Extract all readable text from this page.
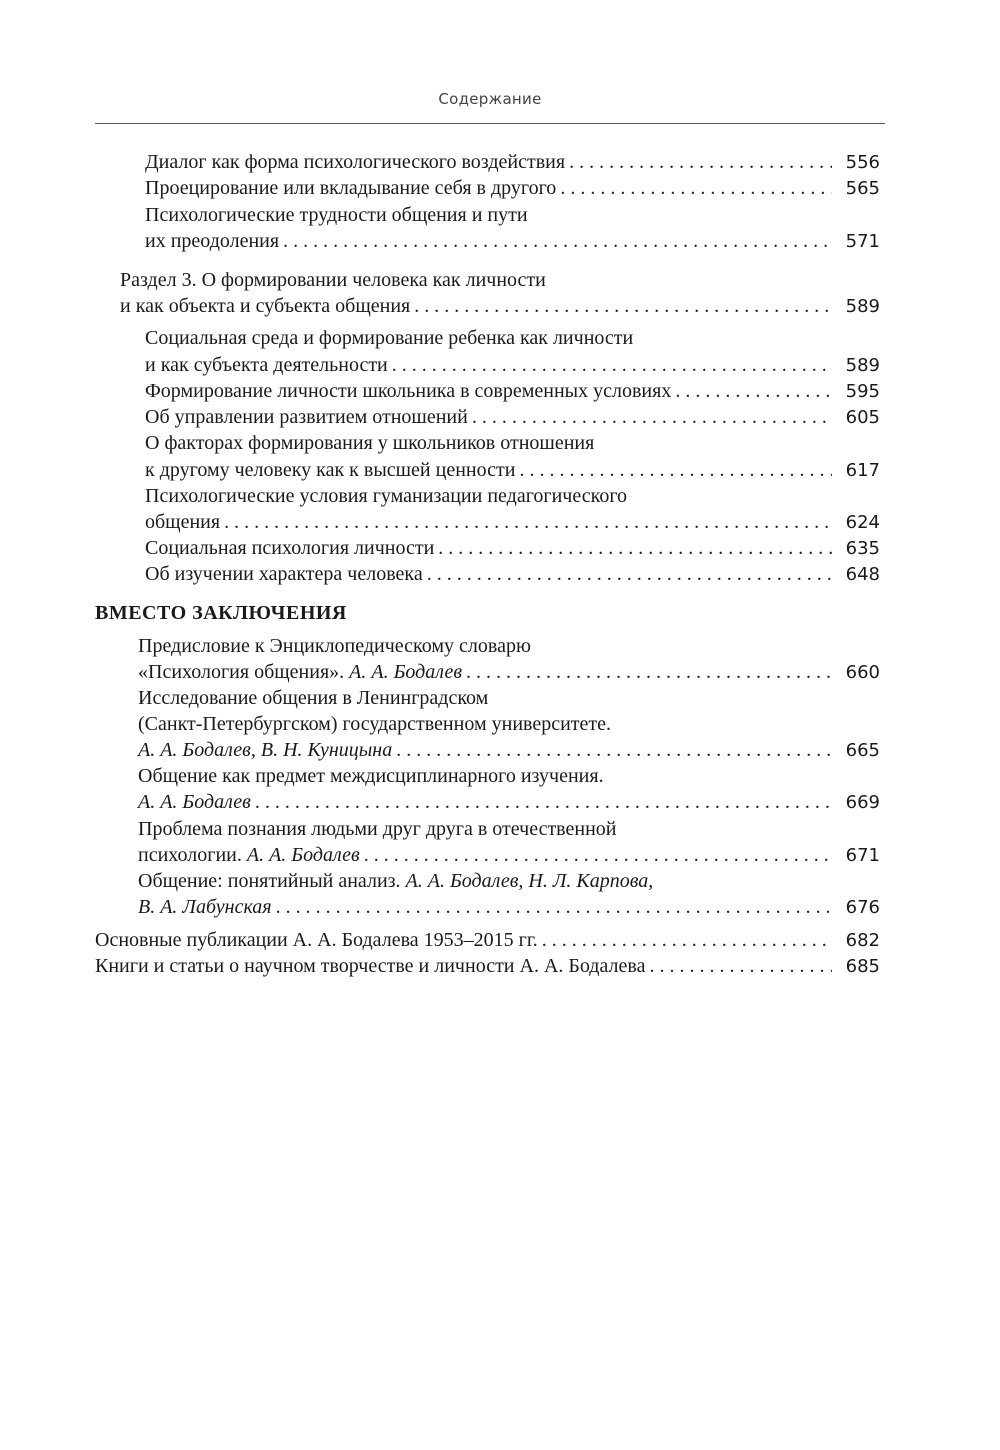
Содержание
Диалог как форма психологического воздействия . . .	556
Проецирование или вкладывание себя в другого . . .	565
Психологические трудности общения и пути
их преодоления . . .	571
Раздел 3. О формировании человека как личности
и как объекта и субъекта общения . . .	589
Социальная среда и формирование ребенка как личности
и как субъекта деятельности . . .	589
Формирование личности школьника в современных условиях . . .	595
Об управлении развитием отношений . . .	605
О факторах формирования у школьников отношения
к другому человеку как к высшей ценности . . .	617
Психологические условия гуманизации педагогического
общения . . .	624
Социальная психология личности . . .	635
Об изучении характера человека . . .	648
ВМЕСТО ЗАКЛЮЧЕНИЯ
Предисловие к Энциклопедическому словарю
«Психология общения». А. А. Бодалев . . .	660
Исследование общения в Ленинградском
(Санкт-Петербургском) государственном университете.
А. А. Бодалев, В. Н. Куницына . . .	665
Общение как предмет междисциплинарного изучения.
А. А. Бодалев . . .	669
Проблема познания людьми друг друга в отечественной
психологии. А. А. Бодалев . . .	671
Общение: понятийный анализ. А. А. Бодалев, Н. Л. Карпова,
В. А. Лабунская . . .	676
Основные публикации А. А. Бодалева 1953–2015 гг. . . .	682
Книги и статьи о научном творчестве и личности А. А. Бодалева . . .	685
